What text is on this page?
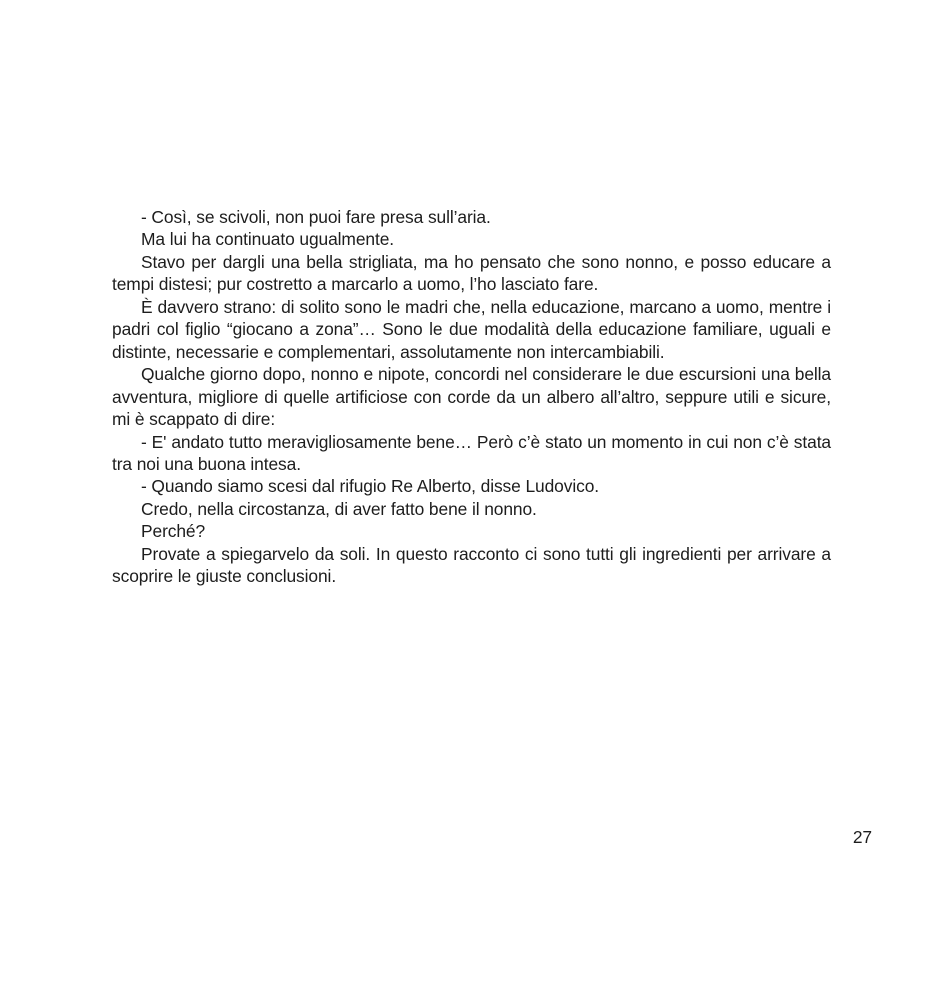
- Così, se scivoli, non puoi fare presa sull’aria.

Ma lui ha continuato ugualmente.

Stavo per dargli una bella strigliata, ma ho pensato che sono nonno, e posso educare a tempi distesi; pur costretto a marcarlo a uomo, l’ho lasciato fare.

È davvero strano: di solito sono le madri che, nella educazione, marcano a uomo, mentre i padri col figlio “giocano a zona”… Sono le due modalità della educazione familiare, uguali e distinte, necessarie e complementari, assolutamente non intercambiabili.

Qualche giorno dopo, nonno e nipote, concordi nel considerare le due escursioni una bella avventura, migliore di quelle artificiose con corde da un albero all’altro, seppure utili e sicure, mi è scappato di dire:

- E' andato tutto meravigliosamente bene… Però c’è stato un momento in cui non c’è stata tra noi una buona intesa.

- Quando siamo scesi dal rifugio Re Alberto, disse Ludovico.

Credo, nella circostanza, di aver fatto bene il nonno.

Perché?

Provate a spiegarvelo da soli. In questo racconto ci sono tutti gli ingredienti per arrivare a scoprire le giuste conclusioni.

27
